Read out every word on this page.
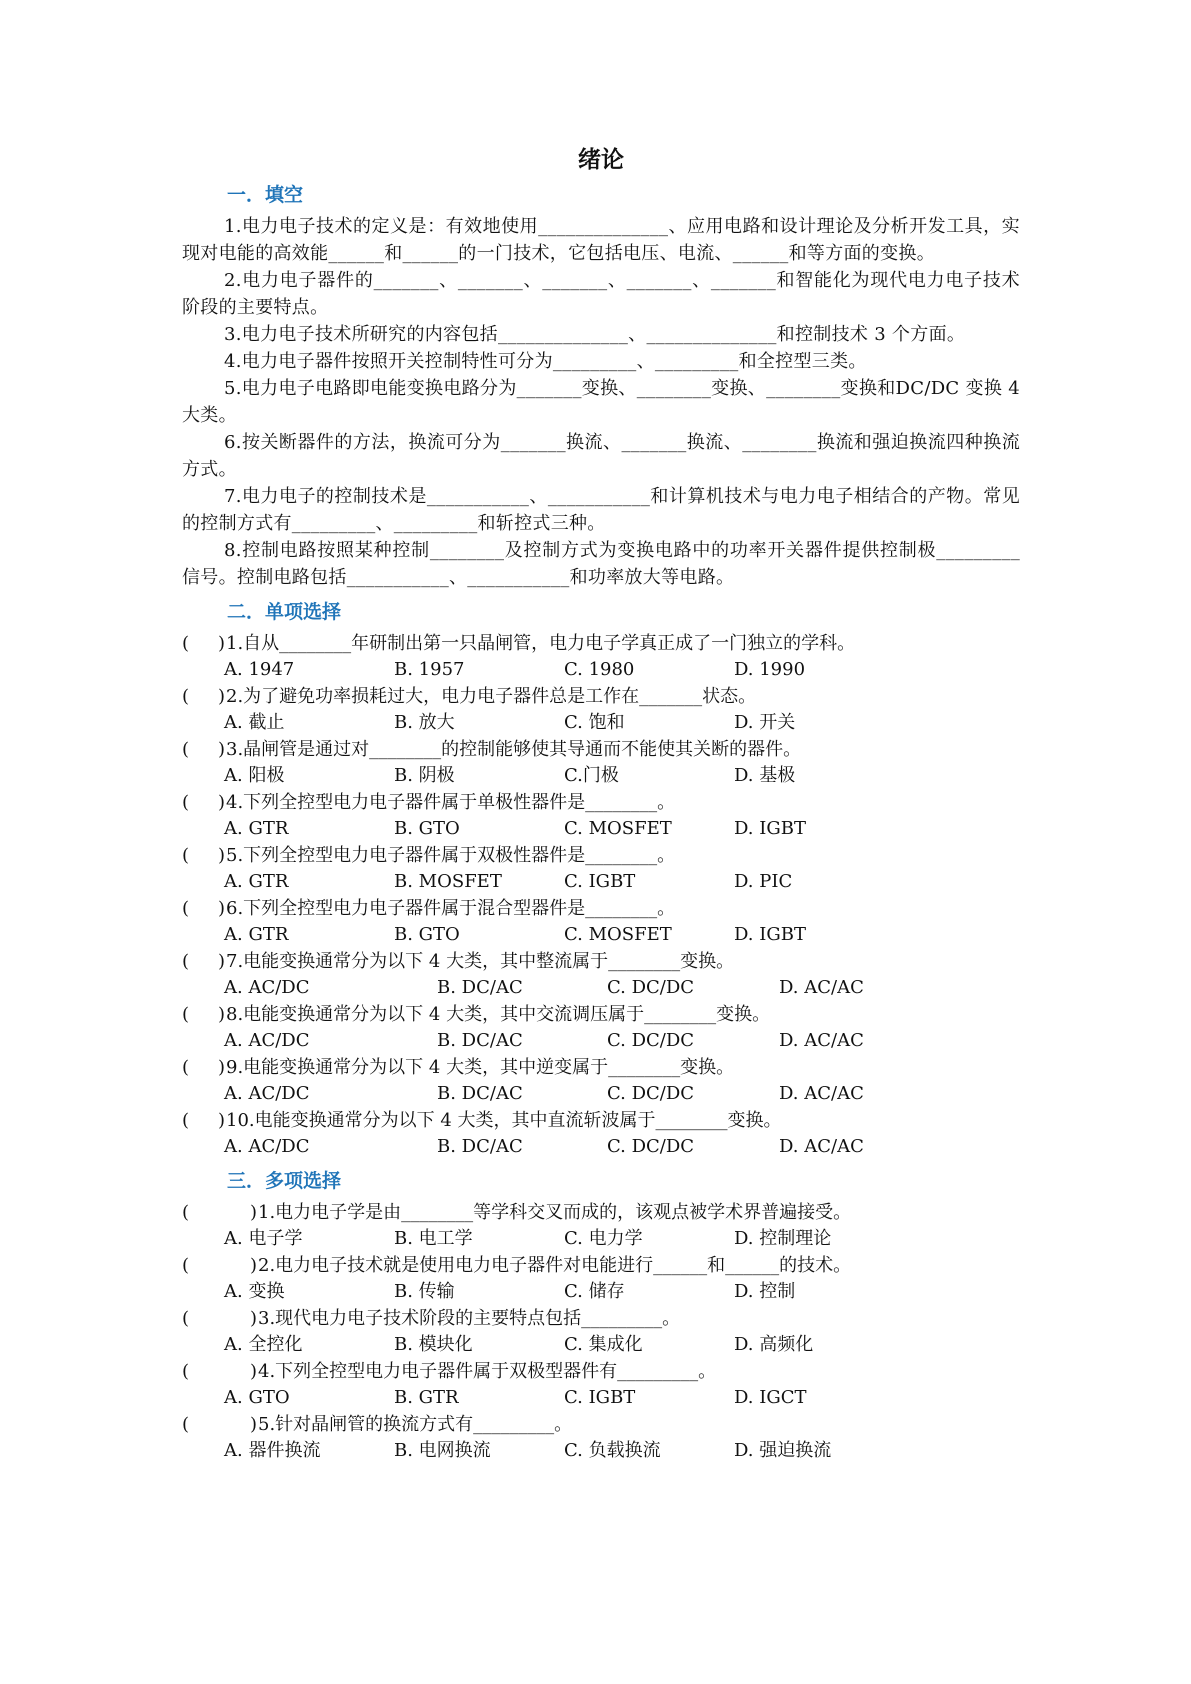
绪论
一．填空
1.电力电子技术的定义是：有效地使用______________、应用电路和设计理论及分析开发工具，实现对电能的高效能______和______的一门技术，它包括电压、电流、______和等方面的变换。
2.电力电子器件的_______、_______、_______、_______、_______和智能化为现代电力电子技术阶段的主要特点。
3.电力电子技术所研究的内容包括______________、______________和控制技术 3 个方面。
4.电力电子器件按照开关控制特性可分为_________、_________和全控型三类。
5.电力电子电路即电能变换电路分为_______变换、________变换、________变换和DC/DC 变换 4 大类。
6.按关断器件的方法，换流可分为_______换流、_______换流、________换流和强迫换流四种换流方式。
7.电力电子的控制技术是___________、___________和计算机技术与电力电子相结合的产物。常见的控制方式有_________、_________和斩控式三种。
8.控制电路按照某种控制________及控制方式为变换电路中的功率开关器件提供控制极_________信号。控制电路包括___________、___________和功率放大等电路。
二．单项选择
( ) 1.自从________年研制出第一只晶闸管，电力电子学真正成了一门独立的学科。
A. 1947	B. 1957	C. 1980	D. 1990
( ) 2.为了避免功率损耗过大，电力电子器件总是工作在_______状态。
A. 截止	B. 放大	C. 饱和	D. 开关
( ) 3.晶闸管是通过对________的控制能够使其导通而不能使其关断的器件。
A. 阳极	B. 阴极	C.门极	D. 基极
( ) 4.下列全控型电力电子器件属于单极性器件是________。
A. GTR	B. GTO	C. MOSFET	D. IGBT
( ) 5.下列全控型电力电子器件属于双极性器件是________。
A. GTR	B. MOSFET	C. IGBT	D. PIC
( ) 6.下列全控型电力电子器件属于混合型器件是________。
A. GTR	B. GTO	C. MOSFET	D. IGBT
( ) 7.电能变换通常分为以下 4 大类，其中整流属于________变换。
A. AC/DC	B. DC/AC	C. DC/DC	D. AC/AC
( ) 8.电能变换通常分为以下 4 大类，其中交流调压属于________变换。
A. AC/DC	B. DC/AC	C. DC/DC	D. AC/AC
( ) 9.电能变换通常分为以下 4 大类，其中逆变属于________变换。
A. AC/DC	B. DC/AC	C. DC/DC	D. AC/AC
( ) 10.电能变换通常分为以下 4 大类，其中直流斩波属于________变换。
A. AC/DC	B. DC/AC	C. DC/DC	D. AC/AC
三．多项选择
(	) 1.电力电子学是由________等学科交叉而成的，该观点被学术界普遍接受。
A. 电子学	B. 电工学	C. 电力学	D. 控制理论
(	) 2.电力电子技术就是使用电力电子器件对电能进行______和______的技术。
A. 变换	B. 传输	C. 储存	D. 控制
(	) 3.现代电力电子技术阶段的主要特点包括_________。
A. 全控化	B. 模块化	C. 集成化	D. 高频化
(	) 4.下列全控型电力电子器件属于双极型器件有_________。
A. GTO	B. GTR	C. IGBT	D. IGCT
(	) 5.针对晶闸管的换流方式有_________。
A. 器件换流	B. 电网换流	C. 负载换流	D. 强迫换流
